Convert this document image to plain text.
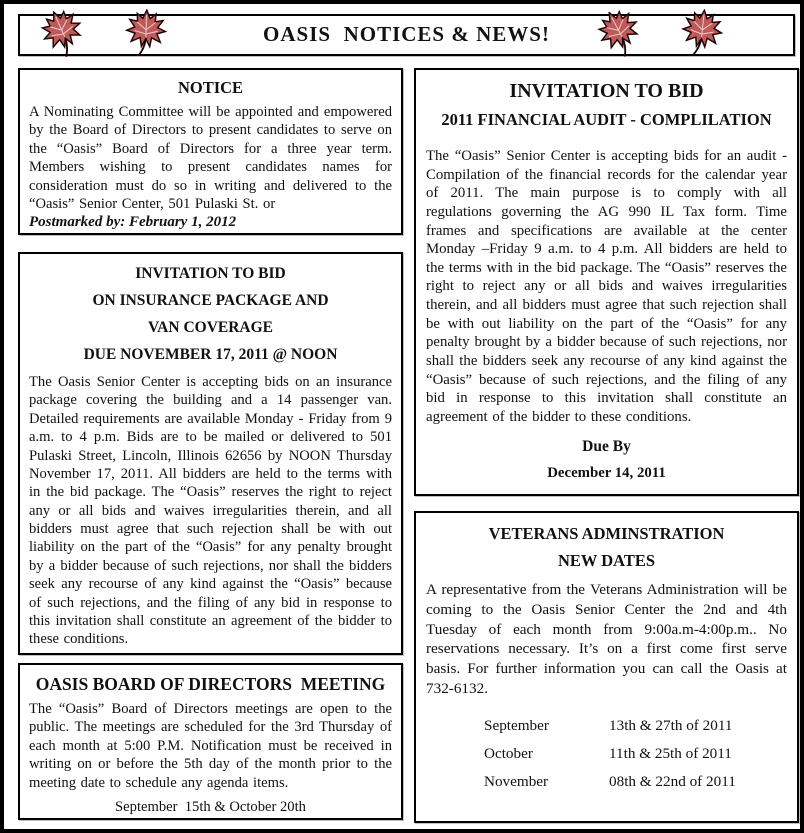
OASIS  NOTICES & NEWS!
NOTICE
A Nominating Committee will be appointed and empowered by the Board of Directors to present candidates to serve on the “Oasis” Board of Directors for a three year term. Members wishing to present candidates names for consideration must do so in writing and delivered to the “Oasis” Senior Center, 501 Pulaski St. or
Postmarked by: February 1, 2012
INVITATION TO BID
ON INSURANCE PACKAGE AND
VAN COVERAGE
DUE NOVEMBER 17, 2011 @ NOON
The Oasis Senior Center is accepting bids on an insurance package covering the building and a 14 passenger van. Detailed requirements are available Monday - Friday from 9 a.m. to 4 p.m. Bids are to be mailed or delivered to 501 Pulaski Street, Lincoln, Illinois 62656 by NOON Thursday November 17, 2011. All bidders are held to the terms with in the bid package. The “Oasis” reserves the right to reject any or all bids and waives irregularities therein, and all bidders must agree that such rejection shall be with out liability on the part of the “Oasis” for any penalty brought by a bidder because of such rejections, nor shall the bidders seek any recourse of any kind against the “Oasis” because of such rejections, and the filing of any bid in response to this invitation shall constitute an agreement of the bidder to these conditions.
OASIS BOARD OF DIRECTORS  MEETING
The “Oasis” Board of Directors meetings are open to the public. The meetings are scheduled for the 3rd Thursday of each month at 5:00 P.M. Notification must be received in writing on or before the 5th day of the month prior to the meeting date to schedule any agenda items.
September  15th & October 20th
INVITATION TO BID
2011 FINANCIAL AUDIT - COMPLILATION
The “Oasis” Senior Center is accepting bids for an audit - Compilation of the financial records for the calendar year of 2011. The main purpose is to comply with all regulations governing the AG 990 IL Tax form. Time frames and specifications are available at the center Monday –Friday 9 a.m. to 4 p.m. All bidders are held to the terms with in the bid package. The “Oasis” reserves the right to reject any or all bids and waives irregularities therein, and all bidders must agree that such rejection shall be with out liability on the part of the “Oasis” for any penalty brought by a bidder because of such rejections, nor shall the bidders seek any recourse of any kind against the “Oasis” because of such rejections, and the filing of any bid in response to this invitation shall constitute an agreement of the bidder to these conditions.
Due By
December 14, 2011
VETERANS ADMINSTRATION
NEW DATES
A representative from the Veterans Administration will be coming to the Oasis Senior Center the 2nd and 4th Tuesday of each month from 9:00a.m-4:00p.m.. No reservations necessary. It’s on a first come first serve basis. For further information you can call the Oasis at 732-6132.
September	13th & 27th of 2011
October	11th & 25th of 2011
November	08th & 22nd of 2011
